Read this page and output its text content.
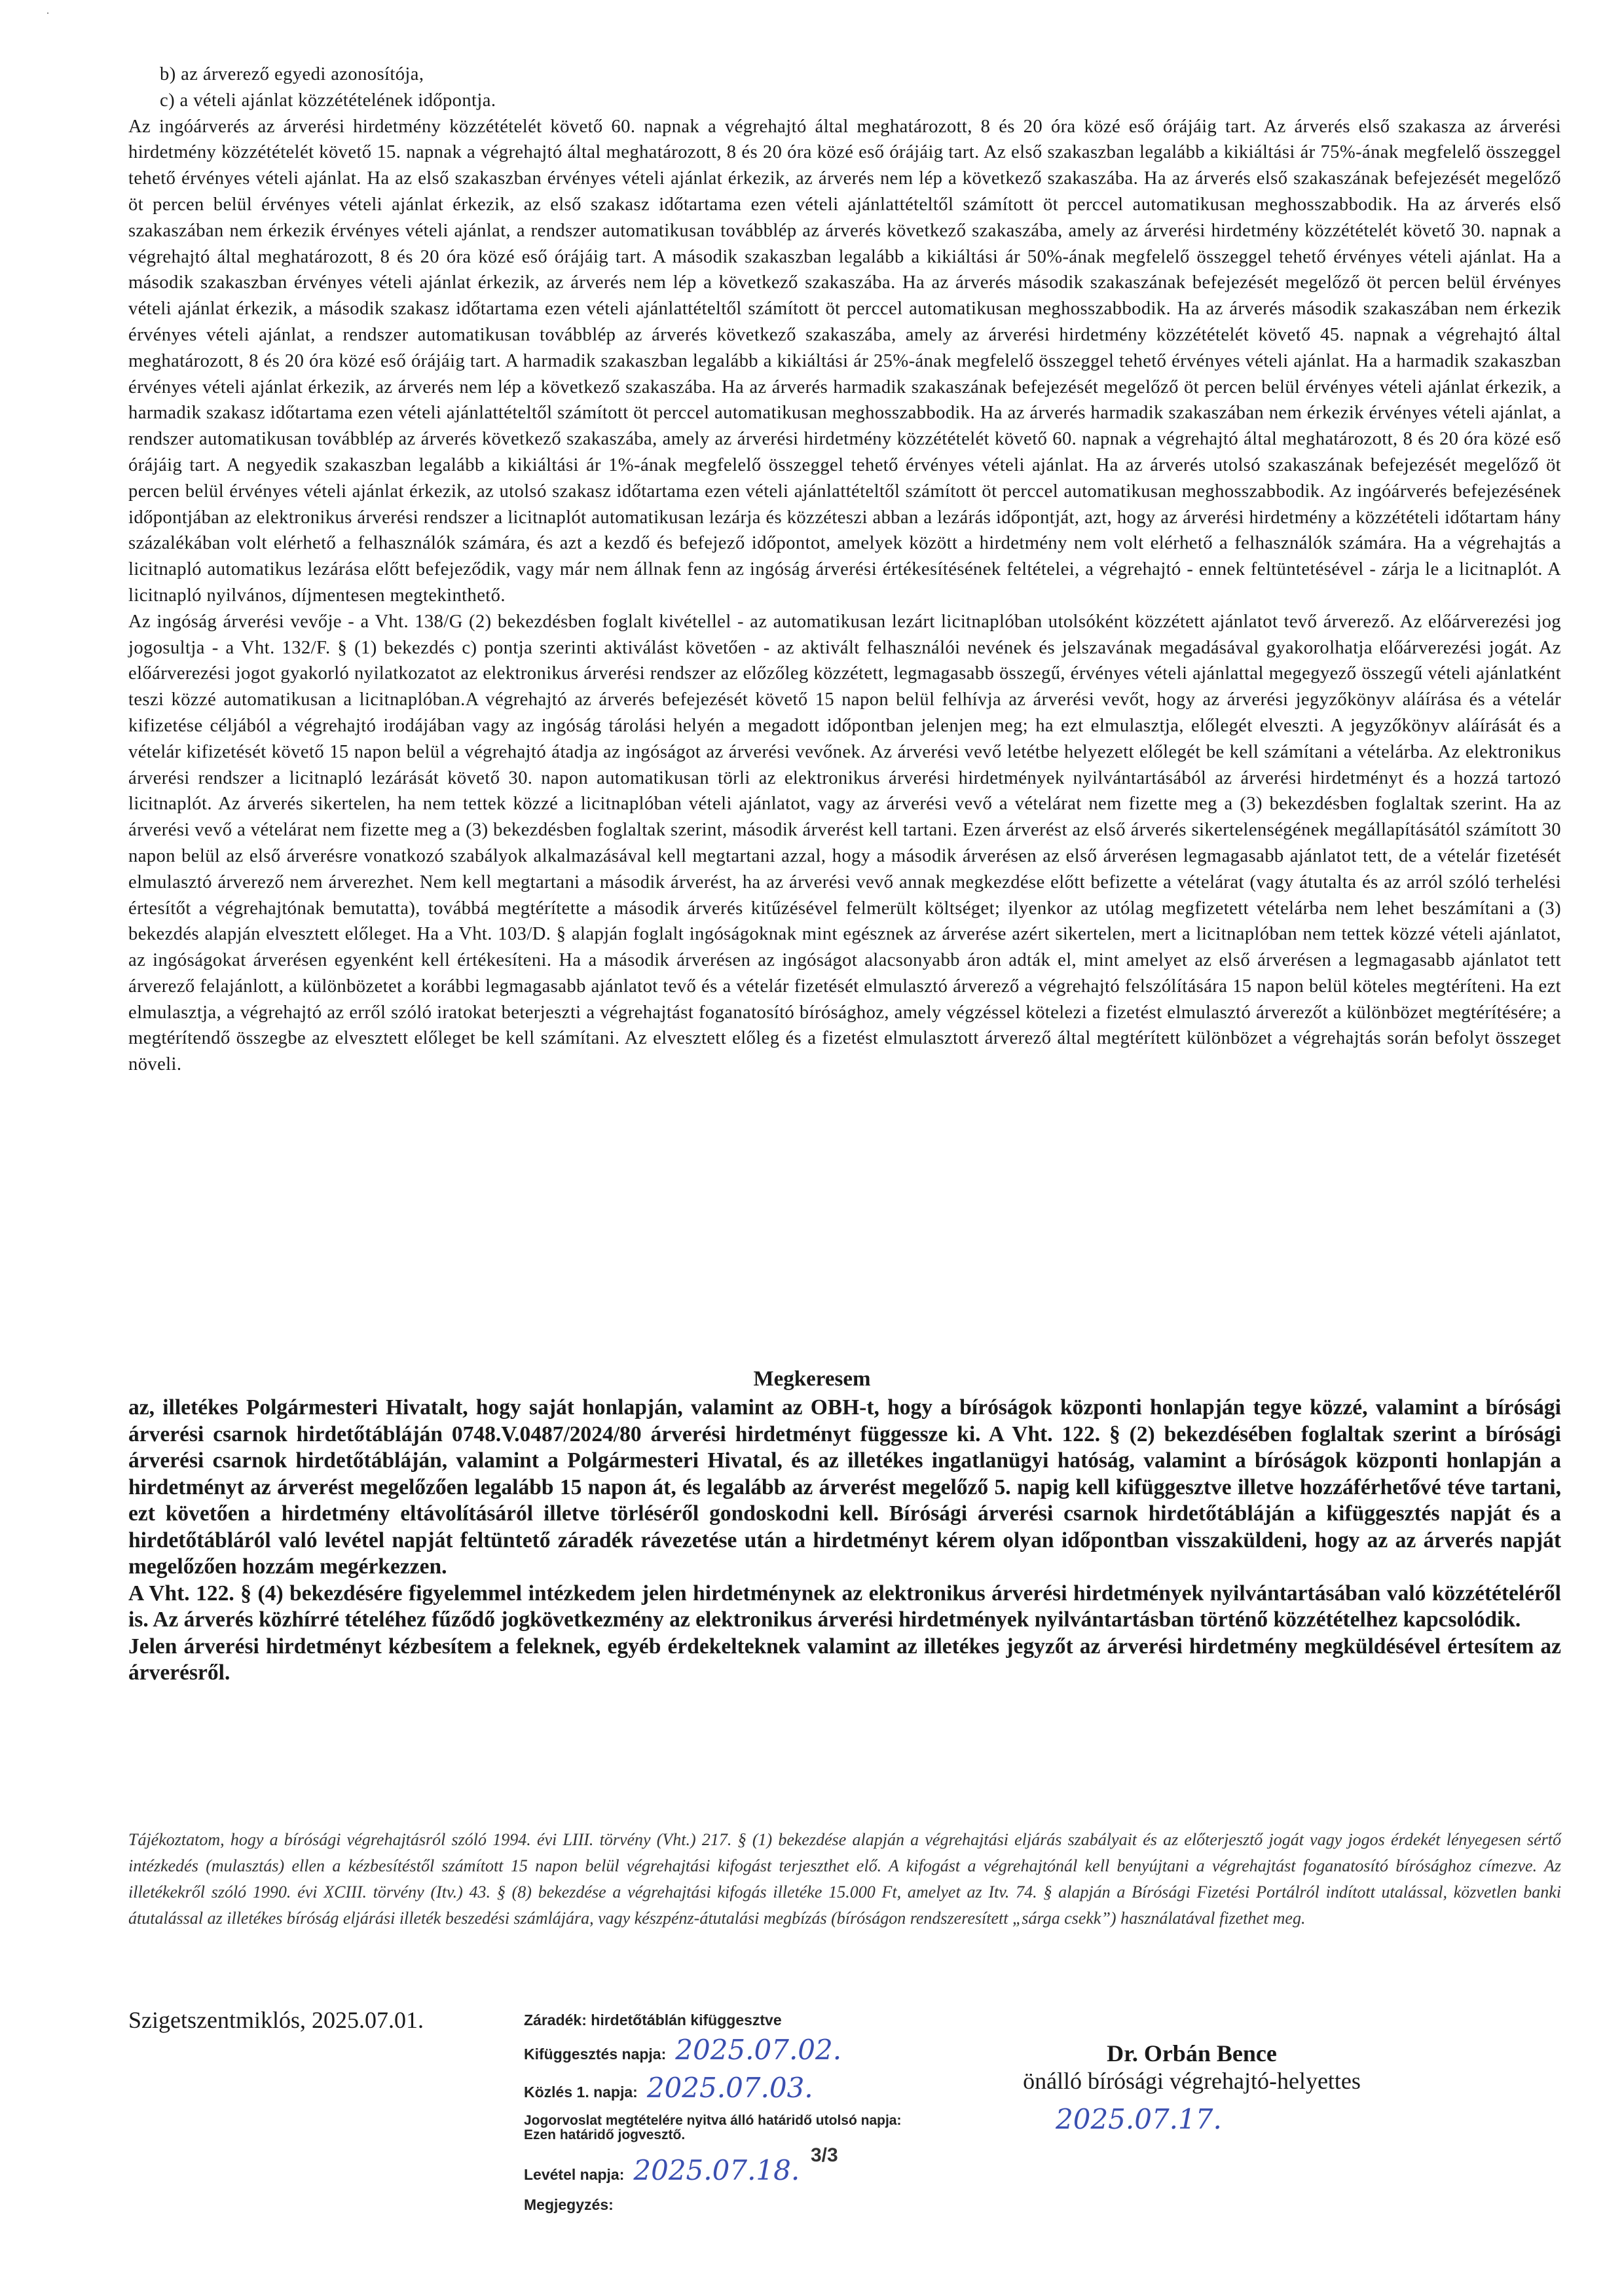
˙

b) az árverező egyedi azonosítója,

c) a vételi ajánlat közzétételének időpontja.

Az ingóárverés az árverési hirdetmény közzétételét követő 60. napnak a végrehajtó által meghatározott, 8 és 20 óra közé eső órájáig tart. Az árverés első szakasza az árverési hirdetmény közzétételét követő 15. napnak a végrehajtó által meghatározott, 8 és 20 óra közé eső órájáig tart. Az első szakaszban legalább a kikiáltási ár 75%-ának megfelelő összeggel tehető érvényes vételi ajánlat. Ha az első szakaszban érvényes vételi ajánlat érkezik, az árverés nem lép a következő szakaszába. Ha az árverés első szakaszának befejezését megelőző öt percen belül érvényes vételi ajánlat érkezik, az első szakasz időtartama ezen vételi ajánlattételtől számított öt perccel automatikusan meghosszabbodik. Ha az árverés első szakaszában nem érkezik érvényes vételi ajánlat, a rendszer automatikusan továbblép az árverés következő szakaszába, amely az árverési hirdetmény közzétételét követő 30. napnak a végrehajtó által meghatározott, 8 és 20 óra közé eső órájáig tart. A második szakaszban legalább a kikiáltási ár 50%-ának megfelelő összeggel tehető érvényes vételi ajánlat. Ha a második szakaszban érvényes vételi ajánlat érkezik, az árverés nem lép a következő szakaszába. Ha az árverés második szakaszának befejezését megelőző öt percen belül érvényes vételi ajánlat érkezik, a második szakasz időtartama ezen vételi ajánlattételtől számított öt perccel automatikusan meghosszabbodik. Ha az árverés második szakaszában nem érkezik érvényes vételi ajánlat, a rendszer automatikusan továbblép az árverés következő szakaszába, amely az árverési hirdetmény közzétételét követő 45. napnak a végrehajtó által meghatározott, 8 és 20 óra közé eső órájáig tart. A harmadik szakaszban legalább a kikiáltási ár 25%-ának megfelelő összeggel tehető érvényes vételi ajánlat. Ha a harmadik szakaszban érvényes vételi ajánlat érkezik, az árverés nem lép a következő szakaszába. Ha az árverés harmadik szakaszának befejezését megelőző öt percen belül érvényes vételi ajánlat érkezik, a harmadik szakasz időtartama ezen vételi ajánlattételtől számított öt perccel automatikusan meghosszabbodik. Ha az árverés harmadik szakaszában nem érkezik érvényes vételi ajánlat, a rendszer automatikusan továbblép az árverés következő szakaszába, amely az árverési hirdetmény közzétételét követő 60. napnak a végrehajtó által meghatározott, 8 és 20 óra közé eső órájáig tart. A negyedik szakaszban legalább a kikiáltási ár 1%-ának megfelelő összeggel tehető érvényes vételi ajánlat. Ha az árverés utolsó szakaszának befejezését megelőző öt percen belül érvényes vételi ajánlat érkezik, az utolsó szakasz időtartama ezen vételi ajánlattételtől számított öt perccel automatikusan meghosszabbodik. Az ingóárverés befejezésének időpontjában az elektronikus árverési rendszer a licitnaplót automatikusan lezárja és közzéteszi abban a lezárás időpontját, azt, hogy az árverési hirdetmény a közzétételi időtartam hány százalékában volt elérhető a felhasználók számára, és azt a kezdő és befejező időpontot, amelyek között a hirdetmény nem volt elérhető a felhasználók számára. Ha a végrehajtás a licitnapló automatikus lezárása előtt befejeződik, vagy már nem állnak fenn az ingóság árverési értékesítésének feltételei, a végrehajtó - ennek feltüntetésével - zárja le a licitnaplót. A licitnapló nyilvános, díjmentesen megtekinthető.

Az ingóság árverési vevője - a Vht. 138/G (2) bekezdésben foglalt kivétellel - az automatikusan lezárt licitnaplóban utolsóként közzétett ajánlatot tevő árverező. Az előárverezési jog jogosultja - a Vht. 132/F. § (1) bekezdés c) pontja szerinti aktiválást követően - az aktivált felhasználói nevének és jelszavának megadásával gyakorolhatja előárverezési jogát. Az előárverezési jogot gyakorló nyilatkozatot az elektronikus árverési rendszer az előzőleg közzétett, legmagasabb összegű, érvényes vételi ajánlattal megegyező összegű vételi ajánlatként teszi közzé automatikusan a licitnaplóban.A végrehajtó az árverés befejezését követő 15 napon belül felhívja az árverési vevőt, hogy az árverési jegyzőkönyv aláírása és a vételár kifizetése céljából a végrehajtó irodájában vagy az ingóság tárolási helyén a megadott időpontban jelenjen meg; ha ezt elmulasztja, előlegét elveszti. A jegyzőkönyv aláírását és a vételár kifizetését követő 15 napon belül a végrehajtó átadja az ingóságot az árverési vevőnek. Az árverési vevő letétbe helyezett előlegét be kell számítani a vételárba. Az elektronikus árverési rendszer a licitnapló lezárását követő 30. napon automatikusan törli az elektronikus árverési hirdetmények nyilvántartásából az árverési hirdetményt és a hozzá tartozó licitnaplót. Az árverés sikertelen, ha nem tettek közzé a licitnaplóban vételi ajánlatot, vagy az árverési vevő a vételárat nem fizette meg a (3) bekezdésben foglaltak szerint. Ha az árverési vevő a vételárat nem fizette meg a (3) bekezdésben foglaltak szerint, második árverést kell tartani. Ezen árverést az első árverés sikertelenségének megállapításától számított 30 napon belül az első árverésre vonatkozó szabályok alkalmazásával kell megtartani azzal, hogy a második árverésen az első árverésen legmagasabb ajánlatot tett, de a vételár fizetését elmulasztó árverező nem árverezhet. Nem kell megtartani a második árverést, ha az árverési vevő annak megkezdése előtt befizette a vételárat (vagy átutalta és az arról szóló terhelési értesítőt a végrehajtónak bemutatta), továbbá megtérítette a második árverés kitűzésével felmerült költséget; ilyenkor az utólag megfizetett vételárba nem lehet beszámítani a (3) bekezdés alapján elvesztett előleget. Ha a Vht. 103/D. § alapján foglalt ingóságoknak mint egésznek az árverése azért sikertelen, mert a licitnaplóban nem tettek közzé vételi ajánlatot, az ingóságokat árverésen egyenként kell értékesíteni. Ha a második árverésen az ingóságot alacsonyabb áron adták el, mint amelyet az első árverésen a legmagasabb ajánlatot tett árverező felajánlott, a különbözetet a korábbi legmagasabb ajánlatot tevő és a vételár fizetését elmulasztó árverező a végrehajtó felszólítására 15 napon belül köteles megtéríteni. Ha ezt elmulasztja, a végrehajtó az erről szóló iratokat beterjeszti a végrehajtást foganatosító bírósághoz, amely végzéssel kötelezi a fizetést elmulasztó árverezőt a különbözet megtérítésére; a megtérítendő összegbe az elvesztett előleget be kell számítani. Az elvesztett előleg és a fizetést elmulasztott árverező által megtérített különbözet a végrehajtás során befolyt összeget növeli.

Megkeresem

az, illetékes Polgármesteri Hivatalt, hogy saját honlapján, valamint az OBH-t, hogy a bíróságok központi honlapján tegye közzé, valamint a bírósági árverési csarnok hirdetőtábláján 0748.V.0487/2024/80 árverési hirdetményt függessze ki. A Vht. 122. § (2) bekezdésében foglaltak szerint a bírósági árverési csarnok hirdetőtábláján, valamint a Polgármesteri Hivatal, és az illetékes ingatlanügyi hatóság, valamint a bíróságok központi honlapján a hirdetményt az árverést megelőzően legalább 15 napon át, és legalább az árverést megelőző 5. napig kell kifüggesztve illetve hozzáférhetővé téve tartani, ezt követően a hirdetmény eltávolításáról illetve törléséről gondoskodni kell. Bírósági árverési csarnok hirdetőtábláján a kifüggesztés napját és a hirdetőtábláról való levétel napját feltüntető záradék rávezetése után a hirdetményt kérem olyan időpontban visszaküldeni, hogy az az árverés napját megelőzően hozzám megérkezzen.

A Vht. 122. § (4) bekezdésére figyelemmel intézkedem jelen hirdetménynek az elektronikus árverési hirdetmények nyilvántartásában való közzétételéről is. Az árverés közhírré tételéhez fűződő jogkövetkezmény az elektronikus árverési hirdetmények nyilvántartásban történő közzétételhez kapcsolódik.

Jelen árverési hirdetményt kézbesítem a feleknek, egyéb érdekelteknek valamint az illetékes jegyzőt az árverési hirdetmény megküldésével értesítem az árverésről.

Tájékoztatom, hogy a bírósági végrehajtásról szóló 1994. évi LIII. törvény (Vht.) 217. § (1) bekezdése alapján a végrehajtási eljárás szabályait és az előterjesztő jogát vagy jogos érdekét lényegesen sértő intézkedés (mulasztás) ellen a kézbesítéstől számított 15 napon belül végrehajtási kifogást terjeszthet elő. A kifogást a végrehajtónál kell benyújtani a végrehajtást foganatosító bírósághoz címezve. Az illetékekről szóló 1990. évi XCIII. törvény (Itv.) 43. § (8) bekezdése a végrehajtási kifogás illetéke 15.000 Ft, amelyet az Itv. 74. § alapján a Bírósági Fizetési Portálról indított utalással, közvetlen banki átutalással az illetékes bíróság eljárási illeték beszedési számlájára, vagy készpénz-átutalási megbízás (bíróságon rendszeresített „sárga csekk”) használatával fizethet meg.
Szigetszentmiklós, 2025.07.01.	Záradék: hirdetőtáblán kifüggesztve
Kifüggesztés napja: 2025.07.02.
Közlés 1. napja: 2025.07.03.
Jogorvoslat megtételére nyitva álló határidő utolsó napja:
Ezen határidő jogvesztő.
Levétel napja: 2025.07.18.
Megjegyzés:
2025.07.17.
Dr. Orbán Bence
önálló bírósági végrehajtó-helyettes
3/3
